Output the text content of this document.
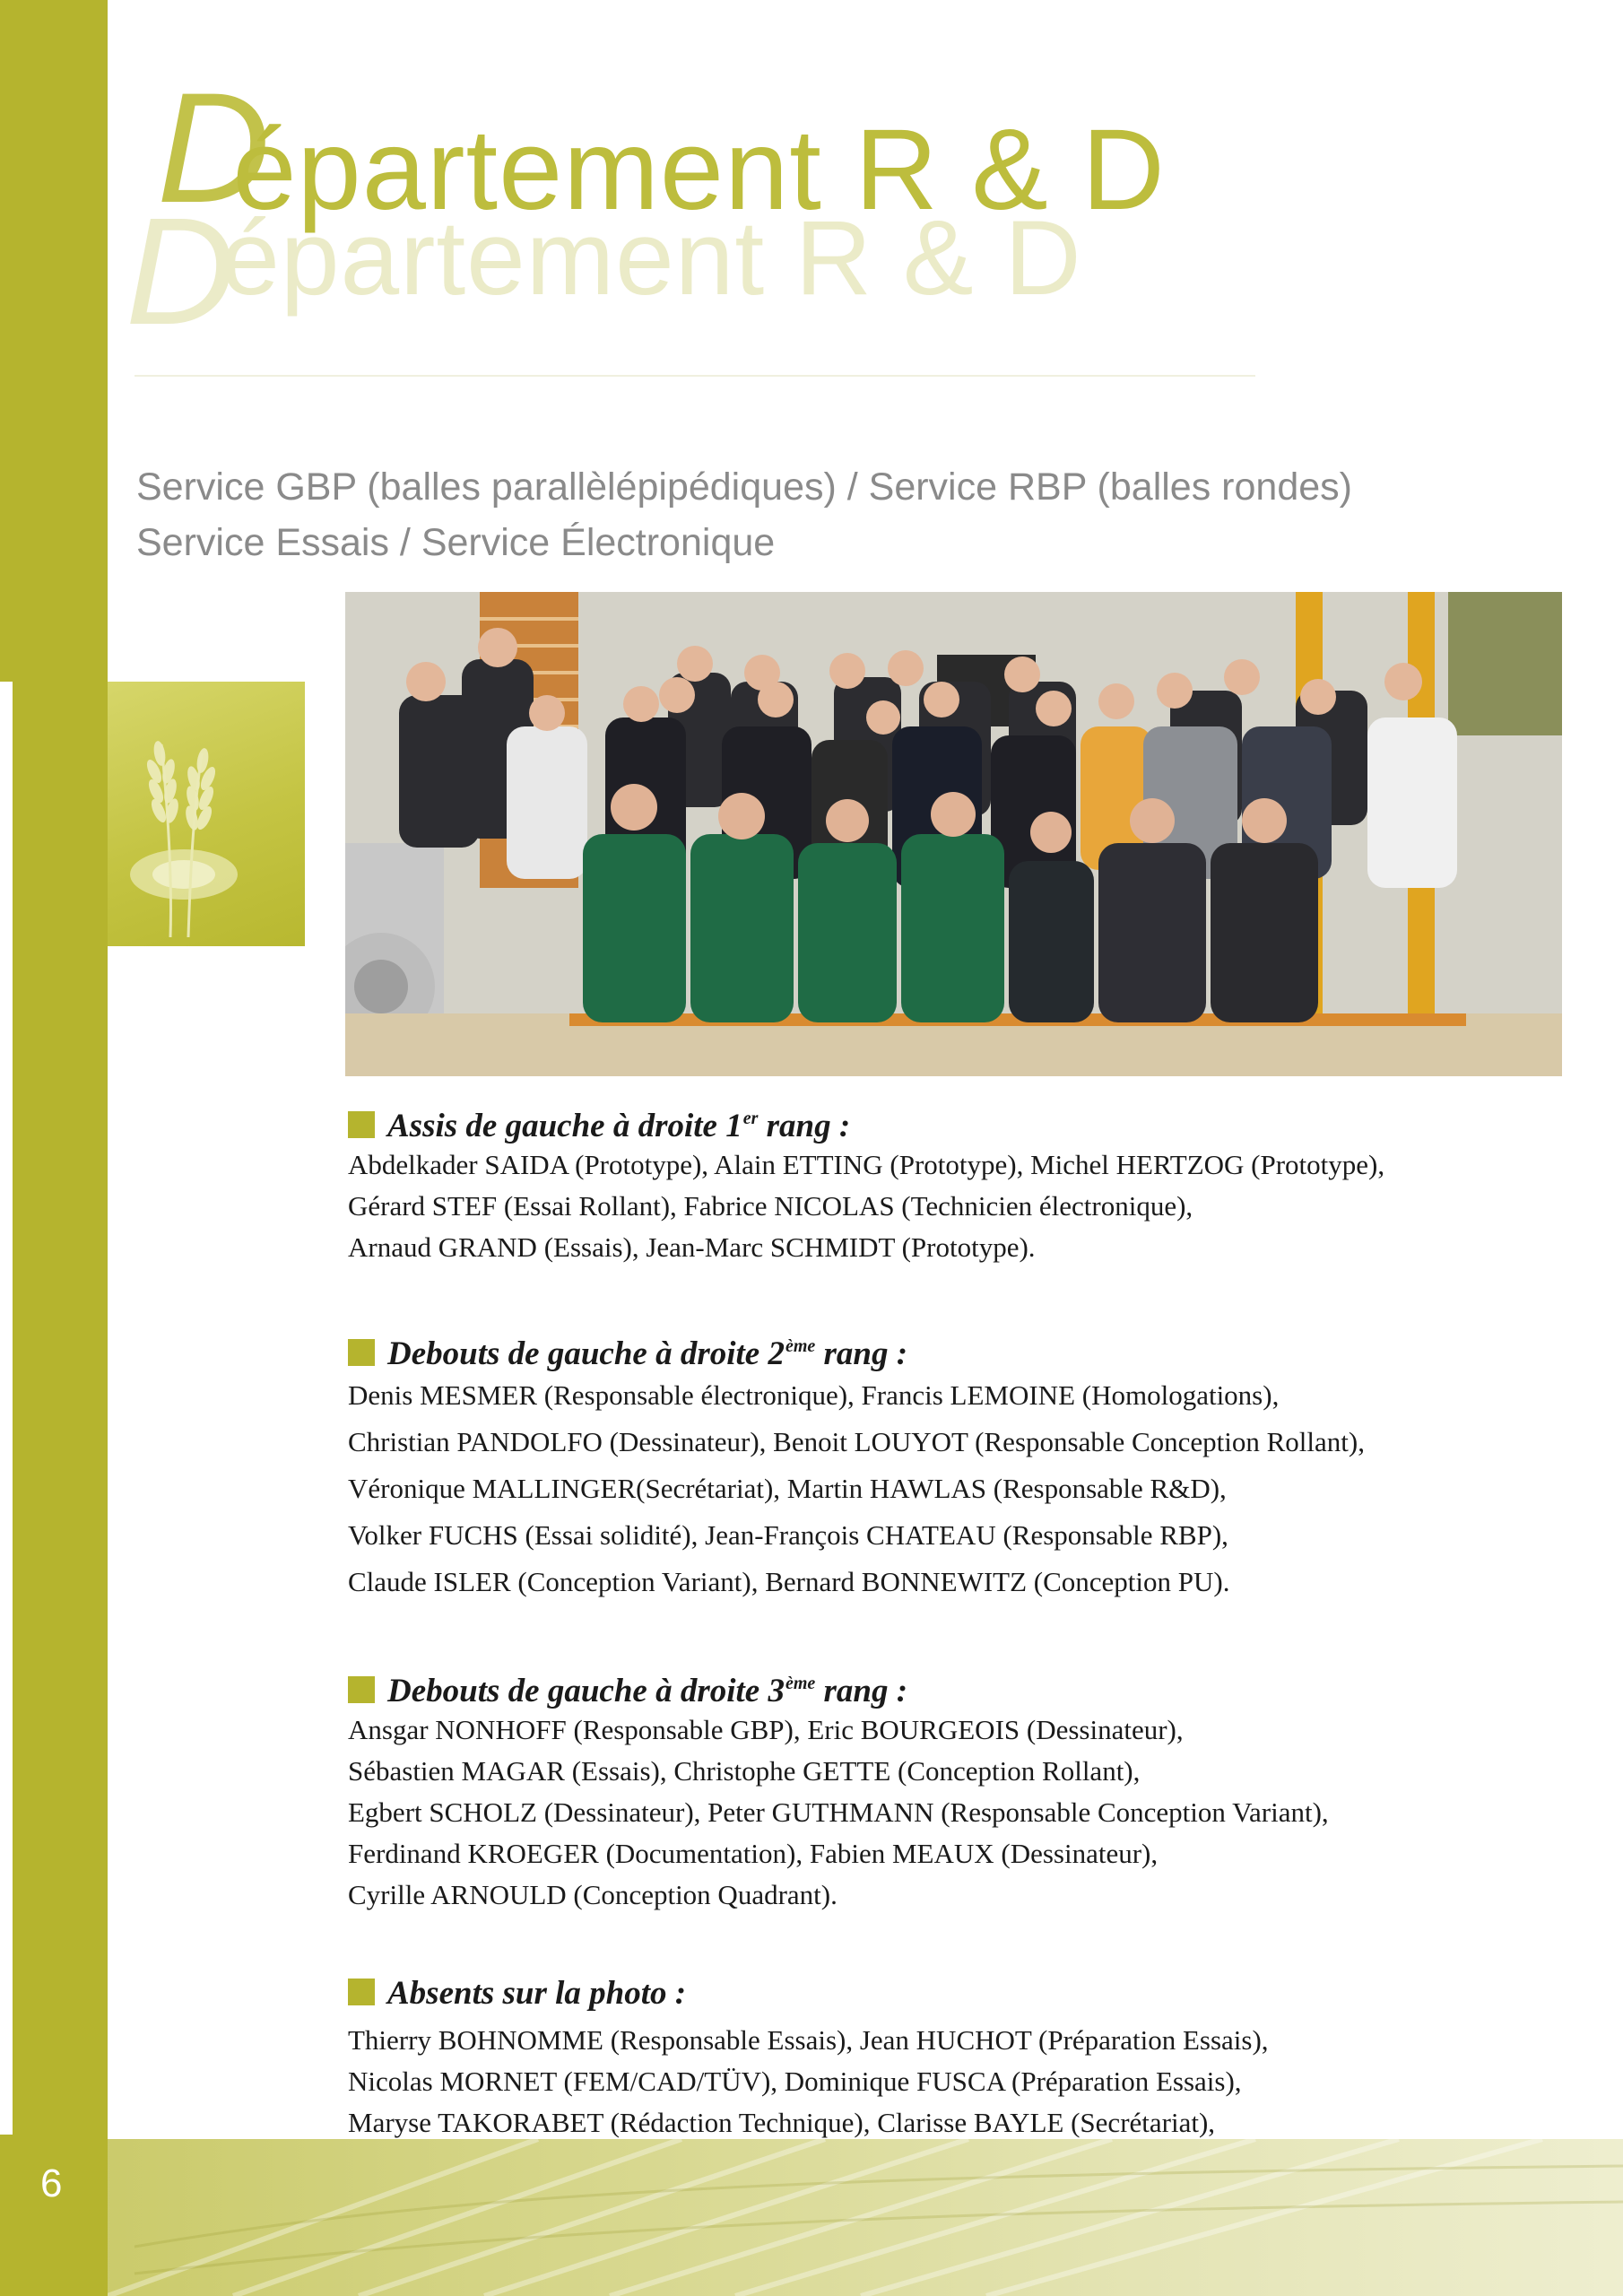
D
épartement R & D
D
épartement R & D
Service GBP (balles parallèlépipédiques) / Service RBP (balles rondes)
Service Essais / Service Électronique
Assis de gauche à droite 1er rang :
Abdelkader SAIDA (Prototype), Alain ETTING (Prototype), Michel HERTZOG (Prototype),
Gérard STEF (Essai Rollant), Fabrice NICOLAS (Technicien électronique),
Arnaud GRAND (Essais), Jean-Marc SCHMIDT (Prototype).
Debouts de gauche à droite 2ème rang :
Denis MESMER (Responsable électronique), Francis LEMOINE (Homologations),
Christian PANDOLFO (Dessinateur), Benoit LOUYOT (Responsable Conception Rollant),
Véronique MALLINGER(Secrétariat), Martin HAWLAS (Responsable R&D),
Volker FUCHS (Essai solidité), Jean-François CHATEAU (Responsable RBP),
Claude ISLER (Conception Variant), Bernard BONNEWITZ (Conception PU).
Debouts de gauche à droite 3ème rang :
Ansgar NONHOFF (Responsable GBP), Eric BOURGEOIS (Dessinateur),
Sébastien MAGAR (Essais), Christophe GETTE (Conception Rollant),
Egbert SCHOLZ (Dessinateur), Peter GUTHMANN (Responsable Conception Variant),
Ferdinand KROEGER (Documentation), Fabien MEAUX (Dessinateur),
Cyrille ARNOULD (Conception Quadrant).
Absents sur la photo :
Thierry BOHNOMME (Responsable Essais), Jean HUCHOT (Préparation Essais),
Nicolas MORNET (FEM/CAD/TÜV), Dominique FUSCA (Préparation Essais),
Maryse TAKORABET (Rédaction Technique), Clarisse BAYLE (Secrétariat),
6
